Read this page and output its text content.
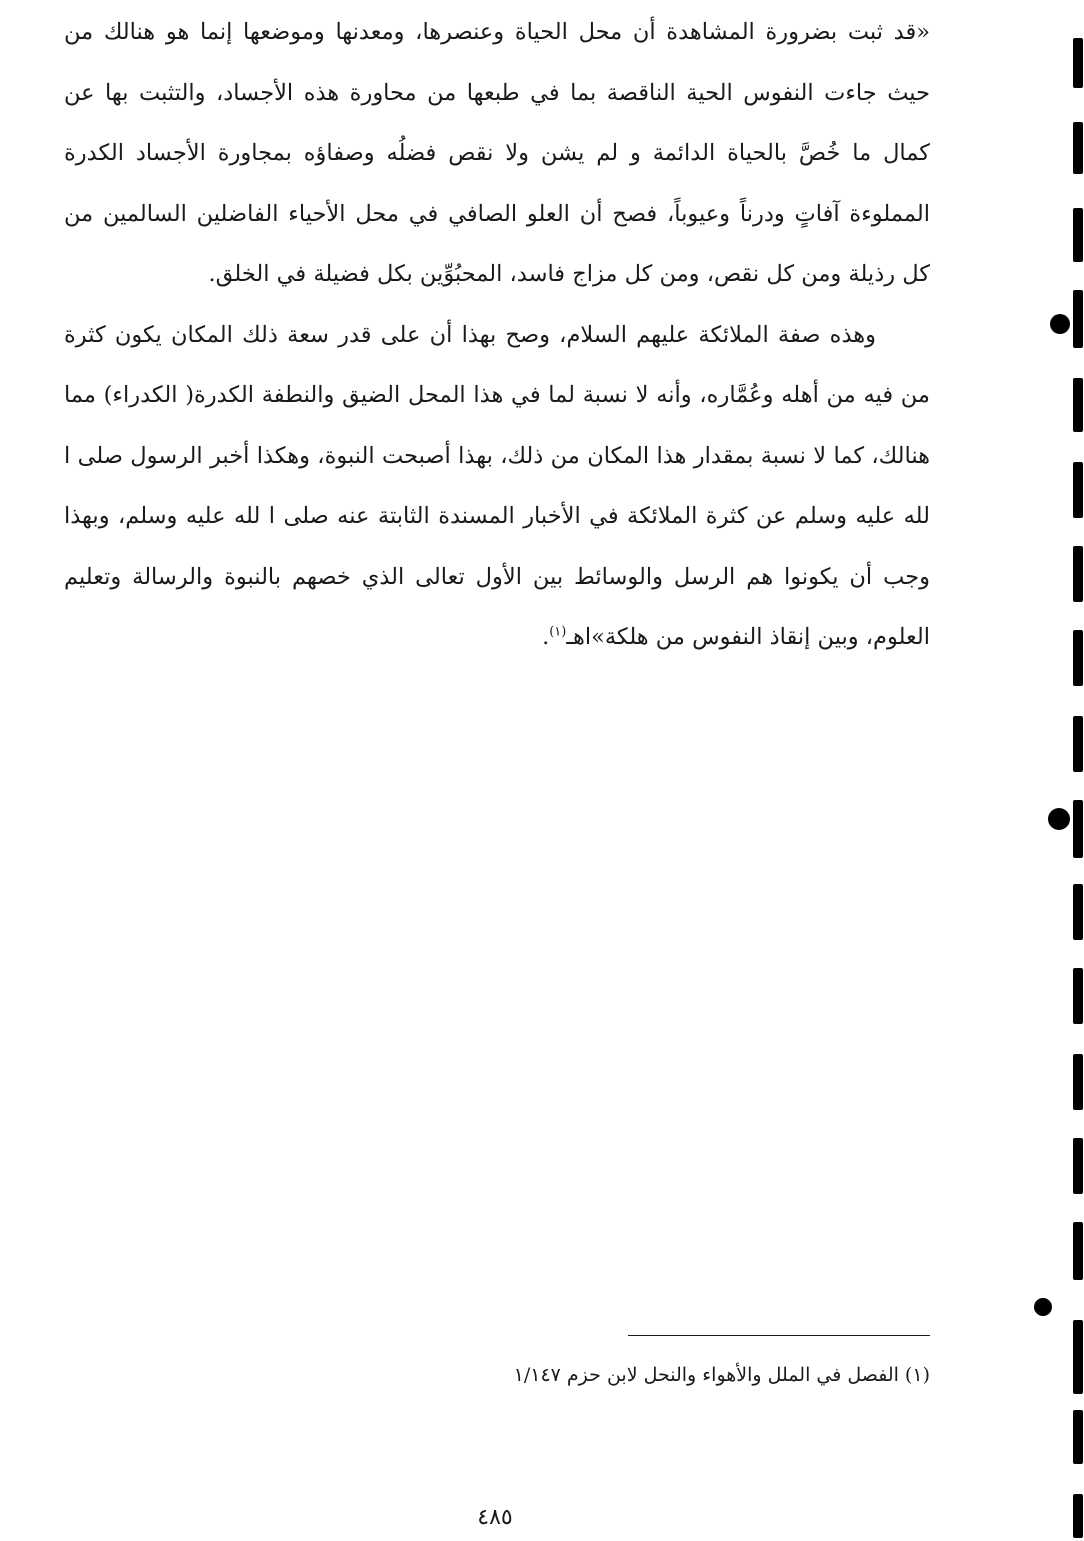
«قد ثبت بضرورة المشاهدة أن محل الحياة وعنصرها، ومعدنها وموضعها إنما هو هنالك من حيث جاءت النفوس الحية الناقصة بما في طبعها من محاورة هذه الأجساد، والتثبت بها عن كمال ما خُصَّ بالحياة الدائمة و لم يشن ولا نقص فضلُه وصفاؤه بمجاورة الأجساد الكدرة المملوءة آفاتٍ ودرناً وعيوباً، فصح أن العلو الصافي في محل الأحياء الفاضلين السالمين من كل رذيلة ومن كل نقص، ومن كل مزاج فاسد، المحبُوِّين بكل فضيلة في الخلق.

وهذه صفة الملائكة عليهم السلام، وصح بهذا أن على قدر سعة ذلك المكان يكون كثرة من فيه من أهله وعُمَّاره، وأنه لا نسبة لما في هذا المحل الضيق والنطفة الكدرة( الكدراء) مما هنالك، كما لا نسبة بمقدار هذا المكان من ذلك، بهذا أصبحت النبوة، وهكذا أخبر الرسول صلى ا لله عليه وسلم عن كثرة الملائكة في الأخبار المسندة الثابتة عنه صلى ا لله عليه وسلم، وبهذا وجب أن يكونوا هم الرسل والوسائط بين الأول تعالى الذي خصهم بالنبوة والرسالة وتعليم العلوم، وبين إنقاذ النفوس من هلكة»اهـ$^{(١)}$.

(١) الفصل في الملل والأهواء والنحل لابن حزم ١/١٤٧
٤٨٥
